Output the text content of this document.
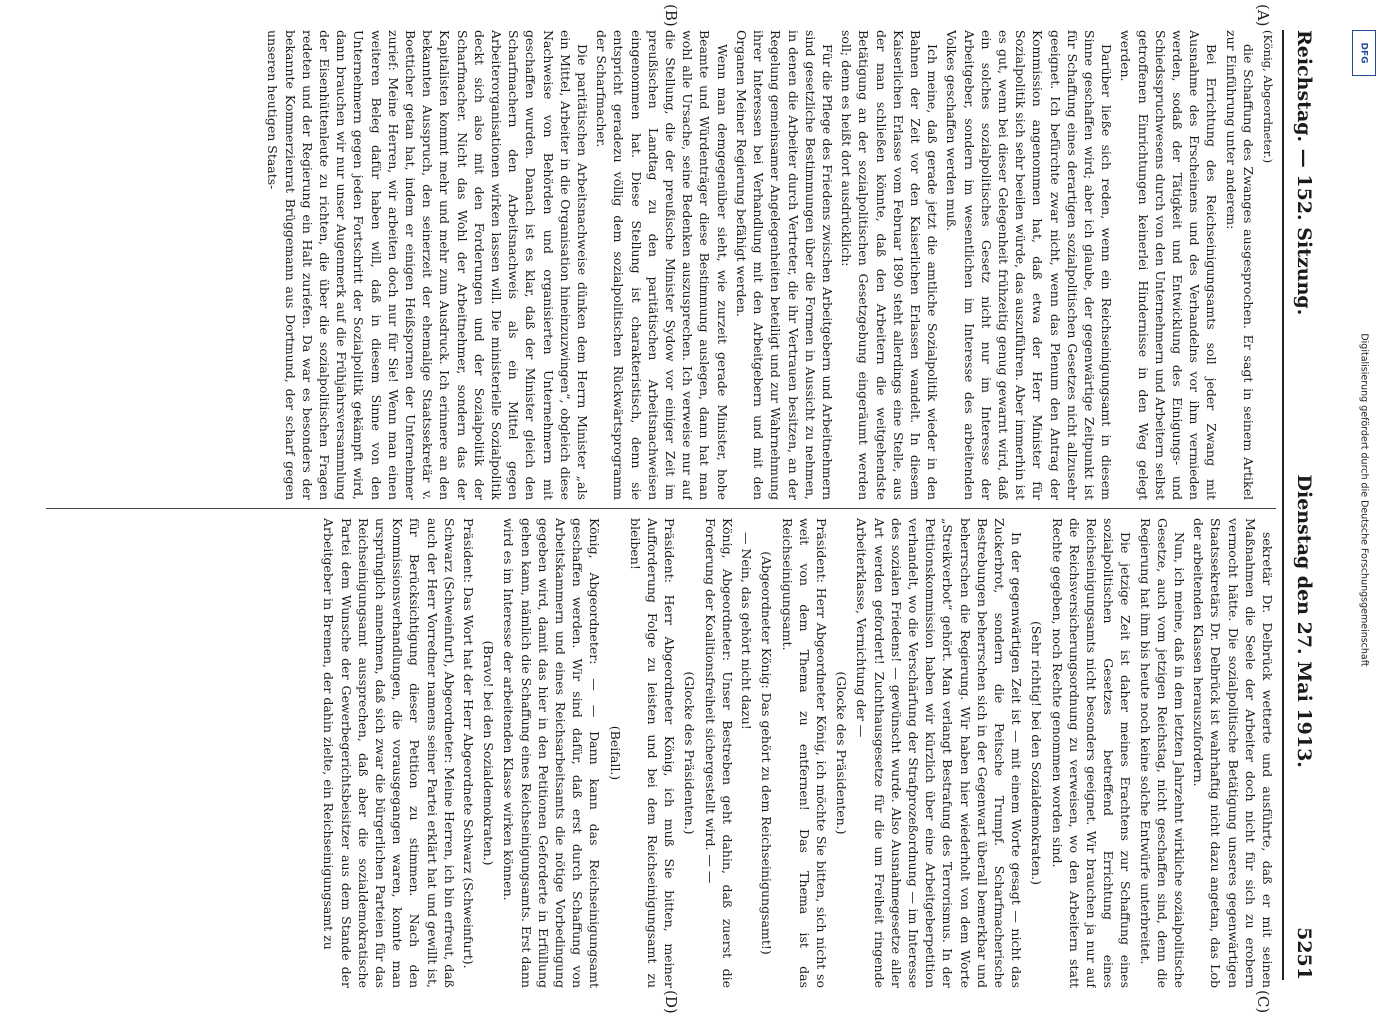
Reichstag. — 152. Sitzung.
Dienstag den 27. Mai 1913.
5251
(A)
(B)
(C)
(D)

(König, Abgeordneter.)

die Schaffung des Zwanges ausgesprochen. Er sagt in seinem Artikel zur Einführung unter anderem:

Bei Errichtung des Reichseinigungsamts soll jeder Zwang mit Ausnahme des Erscheinens und des Verhandelns vor ihm vermieden werden, sodaß der Tätigkeit und Entwicklung des Einigungs- und Schiedsspruchwesens durch von den Unternehmern und Arbeitern selbst getroffenen Einrichtungen keinerlei Hindernisse in den Weg gelegt werden.

Darüber ließe sich reden, wenn ein Reichseinigungsamt in diesem Sinne geschaffen wird; aber ich glaube, der gegenwärtige Zeitpunkt ist für Schaffung eines derartigen sozialpolitischen Gesetzes nicht allzusehr geeignet. Ich befürchte zwar nicht, wenn das Plenum den Antrag der Kommission angenommen hat, daß etwa der Herr Minister für Sozialpolitik sich sehr beeilen würde, das auszuführen. Aber immerhin ist es gut, wenn bei dieser Gelegenheit frühzeitig genug gewarnt wird, daß ein solches sozialpolitisches Gesetz nicht nur im Interesse der Arbeitgeber, sondern im wesentlichen im Interesse des arbeitenden Volkes geschaffen werden muß.

Ich meine, daß gerade jetzt die amtliche Sozialpolitik wieder in den Bahnen der Zeit vor den Kaiserlichen Erlassen wandelt. In diesem Kaiserlichen Erlasse vom Februar 1890 steht allerdings eine Stelle, aus der man schließen könnte, daß den Arbeitern die weitgehendste Betätigung an der sozialpolitischen Gesetzgebung eingeräumt werden soll; denn es heißt dort ausdrücklich:

Für die Pflege des Friedens zwischen Arbeitgebern und Arbeitnehmern sind gesetzliche Bestimmungen über die Formen in Aussicht zu nehmen, in denen die Arbeiter durch Vertreter, die ihr Vertrauen besitzen, an der Regelung gemeinsamer Angelegenheiten beteiligt und zur Wahrnehmung ihrer Interessen bei Verhandlung mit den Arbeitgebern und mit den Organen Meiner Regierung befähigt werden.

Wenn man demgegenüber sieht, wie zurzeit gerade Minister, hohe Beamte und Würdenträger diese Bestimmung auslegen, dann hat man wohl alle Ursache, seine Bedenken auszusprechen. Ich verweise nur auf die Stellung, die der preußische Minister Sydow vor einiger Zeit im preußischen Landtag zu den paritätischen Arbeitsnachweisen eingenommen hat. Diese Stellung ist charakteristisch, denn sie entspricht geradezu völlig dem sozialpolitischen Rückwärtsprogramm der Scharfmacher.

Die paritätischen Arbeitsnachweise dünken dem Herrn Minister „als ein Mittel, Arbeiter in die Organisation hineinzuzwingen“, obgleich diese Nachweise von Behörden und organisierten Unternehmern mit geschaffen wurden. Danach ist es klar, daß der Minister gleich den Scharfmachern den Arbeitsnachweis als ein Mittel gegen Arbeiterorganisationen wirken lassen will. Die ministerielle Sozialpolitik deckt sich also mit den Forderungen und der Sozialpolitik der Scharfmacher. Nicht das Wohl der Arbeitnehmer, sondern das der Kapitalisten kommt mehr und mehr zum Ausdruck. Ich erinnere an den bekannten Ausspruch, den seinerzeit der ehemalige Staatssekretär v. Boetticher getan hat, indem er einigen Heißspornen der Unternehmer zurief: Meine Herren, wir arbeiten doch nur für Sie! Wenn man einen weiteren Beleg dafür haben will, daß in diesem Sinne von den Unternehmern gegen jeden Fortschritt der Sozialpolitik gekämpft wird, dann brauchen wir nur unser Augenmerk auf die Frühjahrsversammlung der Eisenhüttenleute zu richten, die über die sozialpolitischen Fragen redeten und der Regierung ein Halt zuriefen. Da war es besonders der bekannte Kommerzienrat Brüggemann aus Dortmund, der scharf gegen unseren heutigen Staats-

sekretär Dr. Delbrück wetterte und ausführte, daß er mit seinen Maßnahmen die Seele der Arbeiter doch nicht für sich zu erobern vermocht hätte. Die sozialpolitische Betätigung unseres gegenwärtigen Staatssekretärs Dr. Delbrück ist wahrhaftig nicht dazu angetan, das Lob der arbeitenden Klassen herauszufordern.

Nun, ich meine, daß in dem letzten Jahrzehnt wirkliche sozialpolitische Gesetze, auch vom jetzigen Reichstag, nicht geschaffen sind, denn die Regierung hat ihm bis heute noch keine solche Entwürfe unterbreitet.

Die jetzige Zeit ist daher meines Erachtens zur Schaffung eines sozialpolitischen Gesetzes betreffend Errichtung eines Reichseinigungsamts nicht besonders geeignet. Wir brauchen ja nur auf die Reichsversicherungsordnung zu verweisen, wo den Arbeitern statt Rechte gegeben, noch Rechte genommen worden sind.

(Sehr richtig! bei den Sozialdemokraten.)

In der gegenwärtigen Zeit ist — mit einem Worte gesagt — nicht das Zuckerbrot, sondern die Peitsche Trumpf. Scharfmacherische Bestrebungen beherrschen sich in der Gegenwart überall bemerkbar und beherrschen die Regierung. Wir haben hier wiederholt von dem Worte „Streikverbot“ gehört. Man verlangt Bestrafung des Terrorismus. In der Petitionskommission haben wir kürzlich über eine Arbeitgeberpetition verhandelt, wo die Verschärfung der Strafprozeßordnung — im Interesse des sozialen Friedens! — gewünscht wurde. Also Ausnahmegesetze aller Art werden gefordert! Zuchthausgesetze für die um Freiheit ringende Arbeiterklasse, Vernichtung der —

(Glocke des Präsidenten.)

Präsident: Herr Abgeordneter König, ich möchte Sie bitten, sich nicht so weit von dem Thema zu entfernen! Das Thema ist das Reichseinigungsamt.

(Abgeordneter König: Das gehört zu dem Reichseinigungsamt!)

— Nein, das gehört nicht dazu!

König, Abgeordneter: Unser Bestreben geht dahin, daß zuerst die Forderung der Koalitionsfreiheit sichergestellt wird. — —

(Glocke des Präsidenten.)

Präsident: Herr Abgeordneter König, ich muß Sie bitten, meiner Aufforderung Folge zu leisten und bei dem Reichseinigungsamt zu bleiben!

(Beifall.)

König, Abgeordneter: — — Dann kann das Reichseinigungsamt geschaffen werden. Wir sind dafür, daß erst durch Schaffung von Arbeitskammern und eines Reichsarbeitsamts die nötige Vorbedingung gegeben wird, damit das hier in den Petitionen Geforderte in Erfüllung gehen kann, nämlich die Schaffung eines Reichseinigungsamts. Erst dann wird es im Interesse der arbeitenden Klasse wirken können.

(Bravo! bei den Sozialdemokraten.)

Präsident: Das Wort hat der Herr Abgeordnete Schwarz (Schweinfurt).

Schwarz (Schweinfurt), Abgeordneter: Meine Herren, ich bin erfreut, daß auch der Herr Vorredner namens seiner Partei erklärt hat und gewillt ist, für Berücksichtigung dieser Petition zu stimmen. Nach den Kommissionsverhandlungen, die vorausgegangen waren, konnte man ursprünglich annehmen, daß sich zwar die bürgerlichen Parteien für das Reichseinigungsamt aussprechen, daß aber die sozialdemokratische Partei dem Wunsche der Gewerbegerichtsbeisitzer aus dem Stande der Arbeitgeber in Bremen, der dahin zielte, ein Reichseinigungsamt zu

DFG
Digitalisierung gefördert durch die Deutsche Forschungsgemeinschaft
